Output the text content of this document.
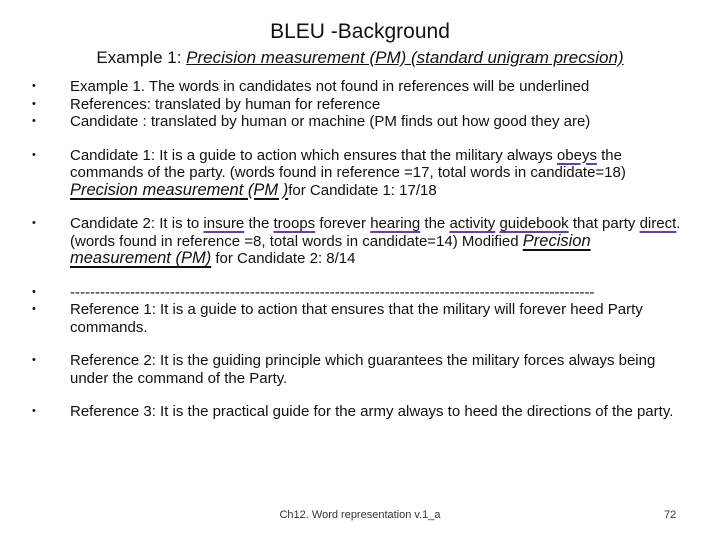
BLEU -Background
Example 1: Precision measurement (PM) (standard unigram precsion)
• Example 1. The words in candidates not found in references will be underlined
• References: translated by human for reference
• Candidate : translated by human or machine (PM finds out how good they are)
• Candidate 1: It is a guide to action which ensures that the military always obeys the commands of the party. (words found in reference =17, total words in candidate=18) Precision measurement (PM )for Candidate 1: 17/18
• Candidate 2: It is to insure the troops forever hearing the activity guidebook that party direct. (words found in reference =8, total words in candidate=14) Modified Precision measurement (PM) for Candidate 2: 8/14
• ---------------------------------------------------------------------------------------------------------
• Reference 1: It is a guide to action that ensures that the military will forever heed Party commands.
• Reference 2: It is the guiding principle which guarantees the military forces always being under the command of the Party.
• Reference 3: It is the practical guide for the army always to heed the directions of the party.
Ch12. Word representation v.1_a	72
